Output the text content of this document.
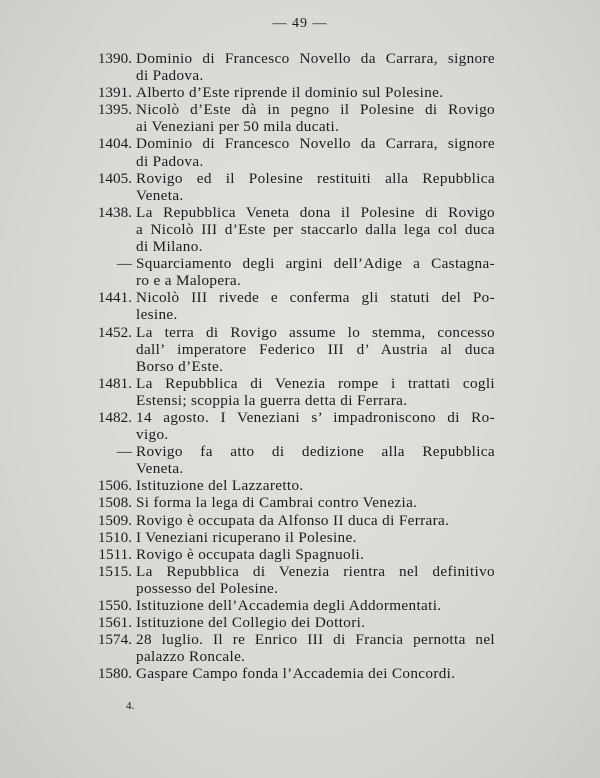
— 49 —
1390. Dominio di Francesco Novello da Carrara, signore
di Padova.
1391. Alberto d’Este riprende il dominio sul Polesine.
1395. Nicolò d’Este dà in pegno il Polesine di Rovigo
ai Veneziani per 50 mila ducati.
1404. Dominio di Francesco Novello da Carrara, signore
di Padova.
1405. Rovigo ed il Polesine restituiti alla Repubblica
Veneta.
1438. La Repubblica Veneta dona il Polesine di Rovigo
a Nicolò III d’Este per staccarlo dalla lega col duca
di Milano.
— Squarciamento degli argini dell’Adige a Castagna-
ro e a Malopera.
1441. Nicolò III rivede e conferma gli statuti del Po-
lesine.
1452. La terra di Rovigo assume lo stemma, concesso
dall’ imperatore Federico III d’ Austria al duca
Borso d’Este.
1481. La Repubblica di Venezia rompe i trattati cogli
Estensi; scoppia la guerra detta di Ferrara.
1482. 14 agosto. I Veneziani s’ impadroniscono di Ro-
vigo.
— Rovigo fa atto di dedizione alla Repubblica
Veneta.
1506. Istituzione del Lazzaretto.
1508. Si forma la lega di Cambrai contro Venezia.
1509. Rovigo è occupata da Alfonso II duca di Ferrara.
1510. I Veneziani ricuperano il Polesine.
1511. Rovigo è occupata dagli Spagnuoli.
1515. La Repubblica di Venezia rientra nel definitivo
possesso del Polesine.
1550. Istituzione dell’Accademia degli Addormentati.
1561. Istituzione del Collegio dei Dottori.
1574. 28 luglio. Il re Enrico III di Francia pernotta nel
palazzo Roncale.
1580. Gaspare Campo fonda l’Accademia dei Concordi.
4.
